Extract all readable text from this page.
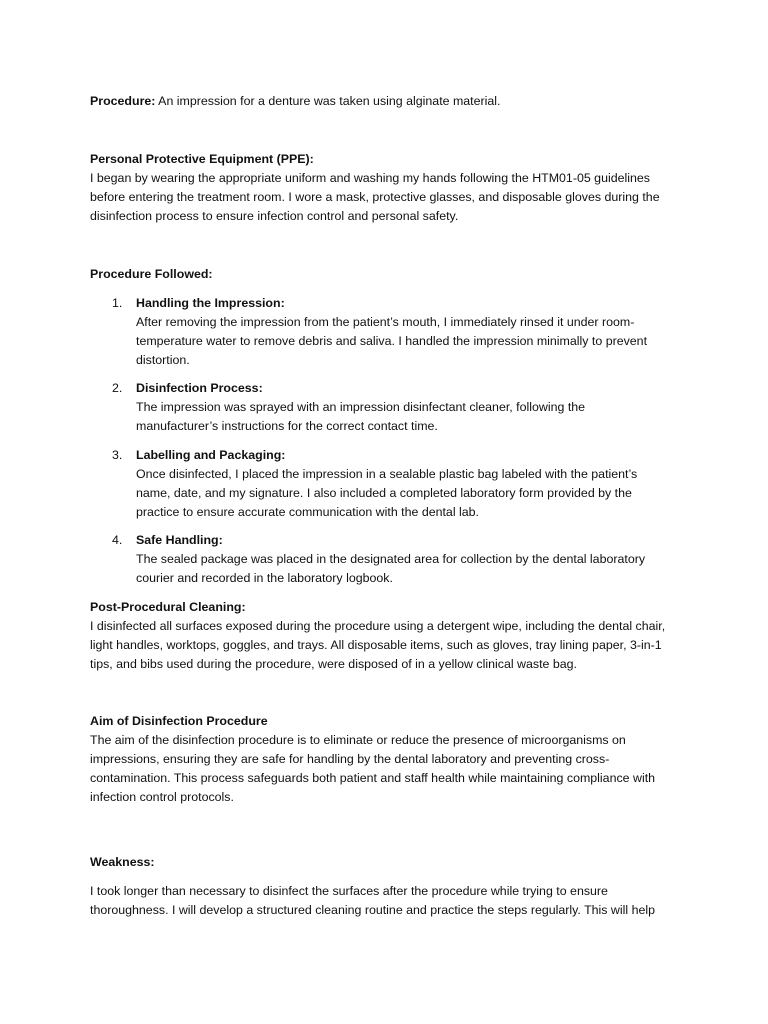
Procedure: An impression for a denture was taken using alginate material.
Personal Protective Equipment (PPE):
I began by wearing the appropriate uniform and washing my hands following the HTM01-05 guidelines
before entering the treatment room. I wore a mask, protective glasses, and disposable gloves during the
disinfection process to ensure infection control and personal safety.
Procedure Followed:
1.	Handling the Impression:
After removing the impression from the patient’s mouth, I immediately rinsed it under room-
temperature water to remove debris and saliva. I handled the impression minimally to prevent
distortion.
2.	Disinfection Process:
The impression was sprayed with an impression disinfectant cleaner, following the
manufacturer’s instructions for the correct contact time.
3.	Labelling and Packaging:
Once disinfected, I placed the impression in a sealable plastic bag labeled with the patient’s
name, date, and my signature. I also included a completed laboratory form provided by the
practice to ensure accurate communication with the dental lab.
4.	Safe Handling:
The sealed package was placed in the designated area for collection by the dental laboratory
courier and recorded in the laboratory logbook.
Post-Procedural Cleaning:
I disinfected all surfaces exposed during the procedure using a detergent wipe, including the dental chair,
light handles, worktops, goggles, and trays. All disposable items, such as gloves, tray lining paper, 3-in-1
tips, and bibs used during the procedure, were disposed of in a yellow clinical waste bag.
Aim of Disinfection Procedure
The aim of the disinfection procedure is to eliminate or reduce the presence of microorganisms on
impressions, ensuring they are safe for handling by the dental laboratory and preventing cross-
contamination. This process safeguards both patient and staff health while maintaining compliance with
infection control protocols.
Weakness:
I took longer than necessary to disinfect the surfaces after the procedure while trying to ensure
thoroughness. I will develop a structured cleaning routine and practice the steps regularly. This will help
